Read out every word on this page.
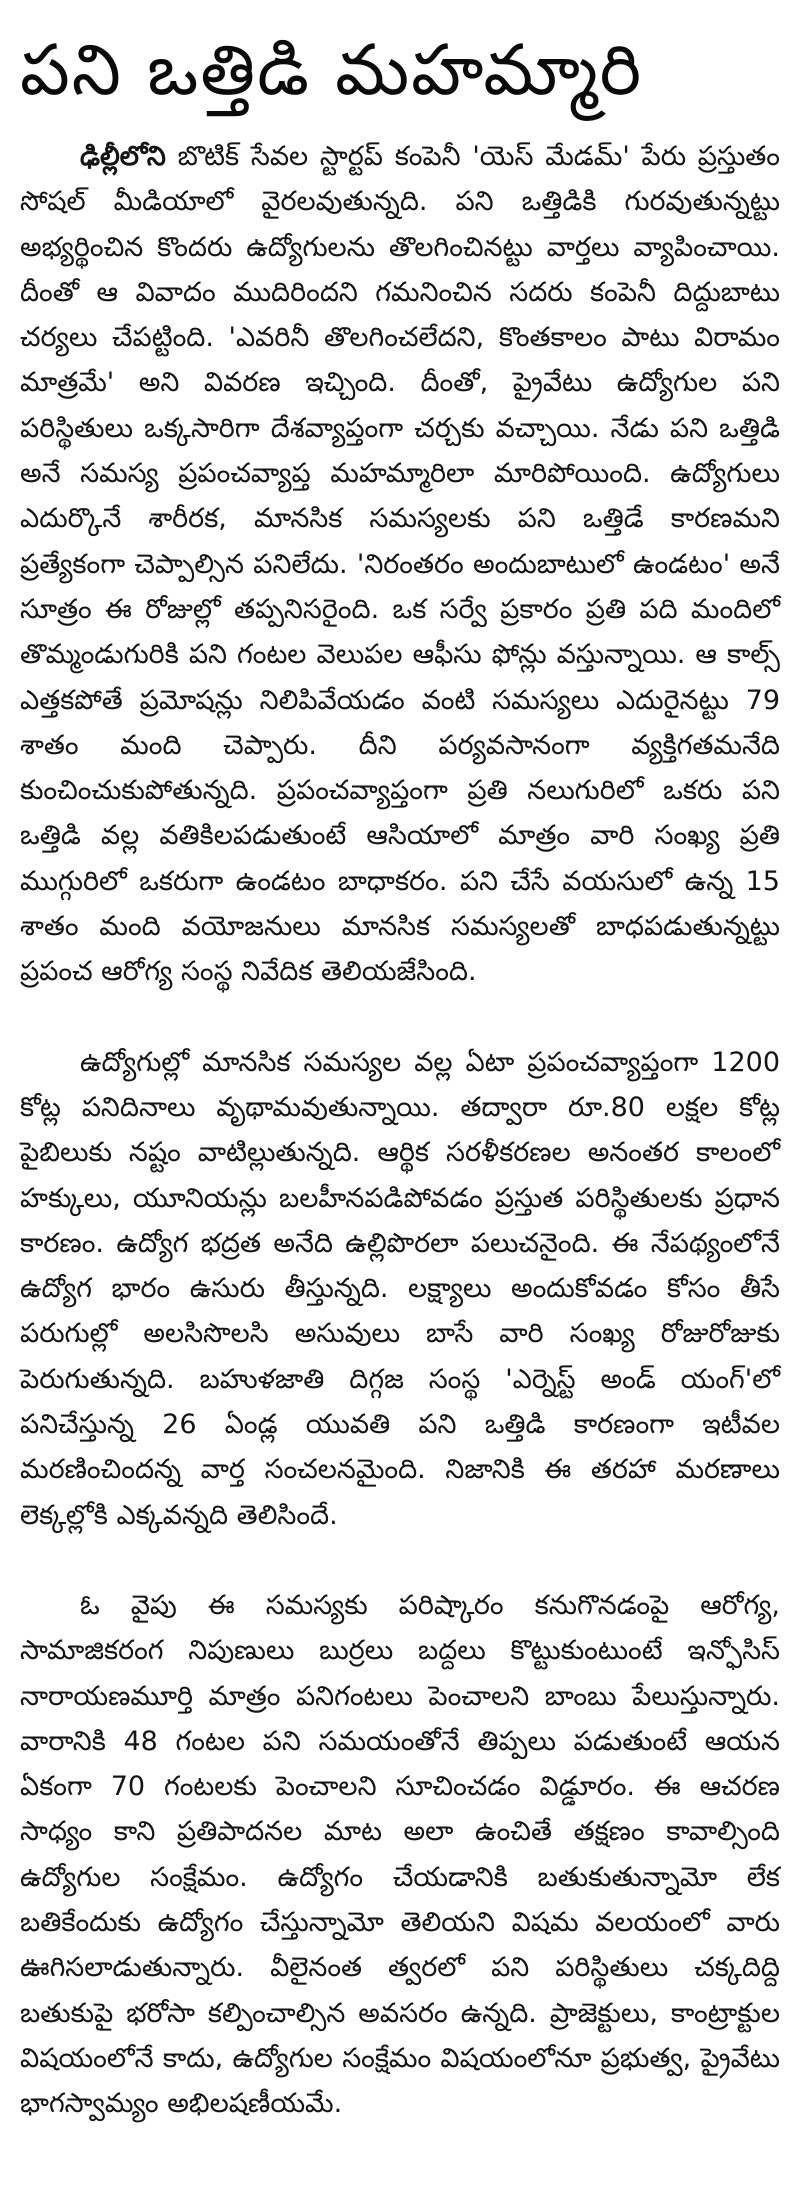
పని ఒత్తిడి మహమ్మారి

ఢిల్లీలోని బొటిక్ సేవల స్టార్టప్ కంపెనీ 'యెస్ మేడమ్' పేరు ప్రస్తుతం సోషల్ మీడియాలో వైరలవుతున్నది. పని ఒత్తిడికి గురవుతున్నట్టు అభ్యర్థించిన కొందరు ఉద్యోగులను తొలగించినట్టు వార్తలు వ్యాపించాయి. దీంతో ఆ వివాదం ముదిరిందని గమనించిన సదరు కంపెనీ దిద్దుబాటు చర్యలు చేపట్టింది. 'ఎవరినీ తొలగించలేదని, కొంతకాలం పాటు విరామం మాత్రమే' అని వివరణ ఇచ్చింది. దీంతో, ప్రైవేటు ఉద్యోగుల పని పరిస్థితులు ఒక్కసారిగా దేశవ్యాప్తంగా చర్చకు వచ్చాయి. నేడు పని ఒత్తిడి అనే సమస్య ప్రపంచవ్యాప్త మహమ్మారిలా మారిపోయింది. ఉద్యోగులు ఎదుర్కొనే శారీరక, మానసిక సమస్యలకు పని ఒత్తిడే కారణమని ప్రత్యేకంగా చెప్పాల్సిన పనిలేదు. 'నిరంతరం అందుబాటులో ఉండటం' అనే సూత్రం ఈ రోజుల్లో తప్పనిసరైంది. ఒక సర్వే ప్రకారం ప్రతి పది మందిలో తొమ్మండుగురికి పని గంటల వెలుపల ఆఫీసు ఫోన్లు వస్తున్నాయి. ఆ కాల్స్ ఎత్తకపోతే ప్రమోషన్లు నిలిపివేయడం వంటి సమస్యలు ఎదురైనట్టు 79 శాతం మంది చెప్పారు. దీని పర్యవసానంగా వ్యక్తిగతమనేది కుంచించుకుపోతున్నది. ప్రపంచవ్యాప్తంగా ప్రతి నలుగురిలో ఒకరు పని ఒత్తిడి వల్ల వతికిలపడుతుంటే ఆసియాలో మాత్రం వారి సంఖ్య ప్రతి ముగ్గురిలో ఒకరుగా ఉండటం బాధాకరం. పని చేసే వయసులో ఉన్న 15 శాతం మంది వయోజనులు మానసిక సమస్యలతో బాధపడుతున్నట్టు ప్రపంచ ఆరోగ్య సంస్థ నివేదిక తెలియజేసింది.

ఉద్యోగుల్లో మానసిక సమస్యల వల్ల ఏటా ప్రపంచవ్యాప్తంగా 1200 కోట్ల పనిదినాలు వృథామవుతున్నాయి. తద్వారా రూ.80 లక్షల కోట్ల పైబిలుకు నష్టం వాటిల్లుతున్నది. ఆర్థిక సరళీకరణల అనంతర కాలంలో హక్కులు, యూనియన్లు బలహీనపడిపోవడం ప్రస్తుత పరిస్థితులకు ప్రధాన కారణం. ఉద్యోగ భద్రత అనేది ఉల్లిపొరలా పలుచనైంది. ఈ నేపథ్యంలోనే ఉద్యోగ భారం ఉసురు తీస్తున్నది. లక్ష్యాలు అందుకోవడం కోసం తీసే పరుగుల్లో అలసిసొలసి అసువులు బాసే వారి సంఖ్య రోజురోజుకు పెరుగుతున్నది. బహుళజాతి దిగ్గజ సంస్థ 'ఎర్నెస్ట్ అండ్ యంగ్'లో పనిచేస్తున్న 26 ఏండ్ల యువతి పని ఒత్తిడి కారణంగా ఇటీవల మరణించిందన్న వార్త సంచలనమైంది. నిజానికి ఈ తరహా మరణాలు లెక్కల్లోకి ఎక్కవన్నది తెలిసిందే.

ఓ వైపు ఈ సమస్యకు పరిష్కారం కనుగొనడంపై ఆరోగ్య, సామాజికరంగ నిపుణులు బుర్రలు బద్దలు కొట్టుకుంటుంటే ఇన్ఫోసిస్ నారాయణమూర్తి మాత్రం పనిగంటలు పెంచాలని బాంబు పేలుస్తున్నారు. వారానికి 48 గంటల పని సమయంతోనే తిప్పలు పడుతుంటే ఆయన ఏకంగా 70 గంటలకు పెంచాలని సూచించడం విడ్డూరం. ఈ ఆచరణ సాధ్యం కాని ప్రతిపాదనల మాట అలా ఉంచితే తక్షణం కావాల్సింది ఉద్యోగుల సంక్షేమం. ఉద్యోగం చేయడానికి బతుకుతున్నామో లేక బతికేందుకు ఉద్యోగం చేస్తున్నామో తెలియని విషమ వలయంలో వారు ఊగిసలాడుతున్నారు. వీలైనంత త్వరలో పని పరిస్థితులు చక్కదిద్ది బతుకుపై భరోసా కల్పించాల్సిన అవసరం ఉన్నది. ప్రాజెక్టులు, కాంట్రాక్టుల విషయంలోనే కాదు, ఉద్యోగుల సంక్షేమం విషయంలోనూ ప్రభుత్వ, ప్రైవేటు భాగస్వామ్యం అభిలషణీయమే.
